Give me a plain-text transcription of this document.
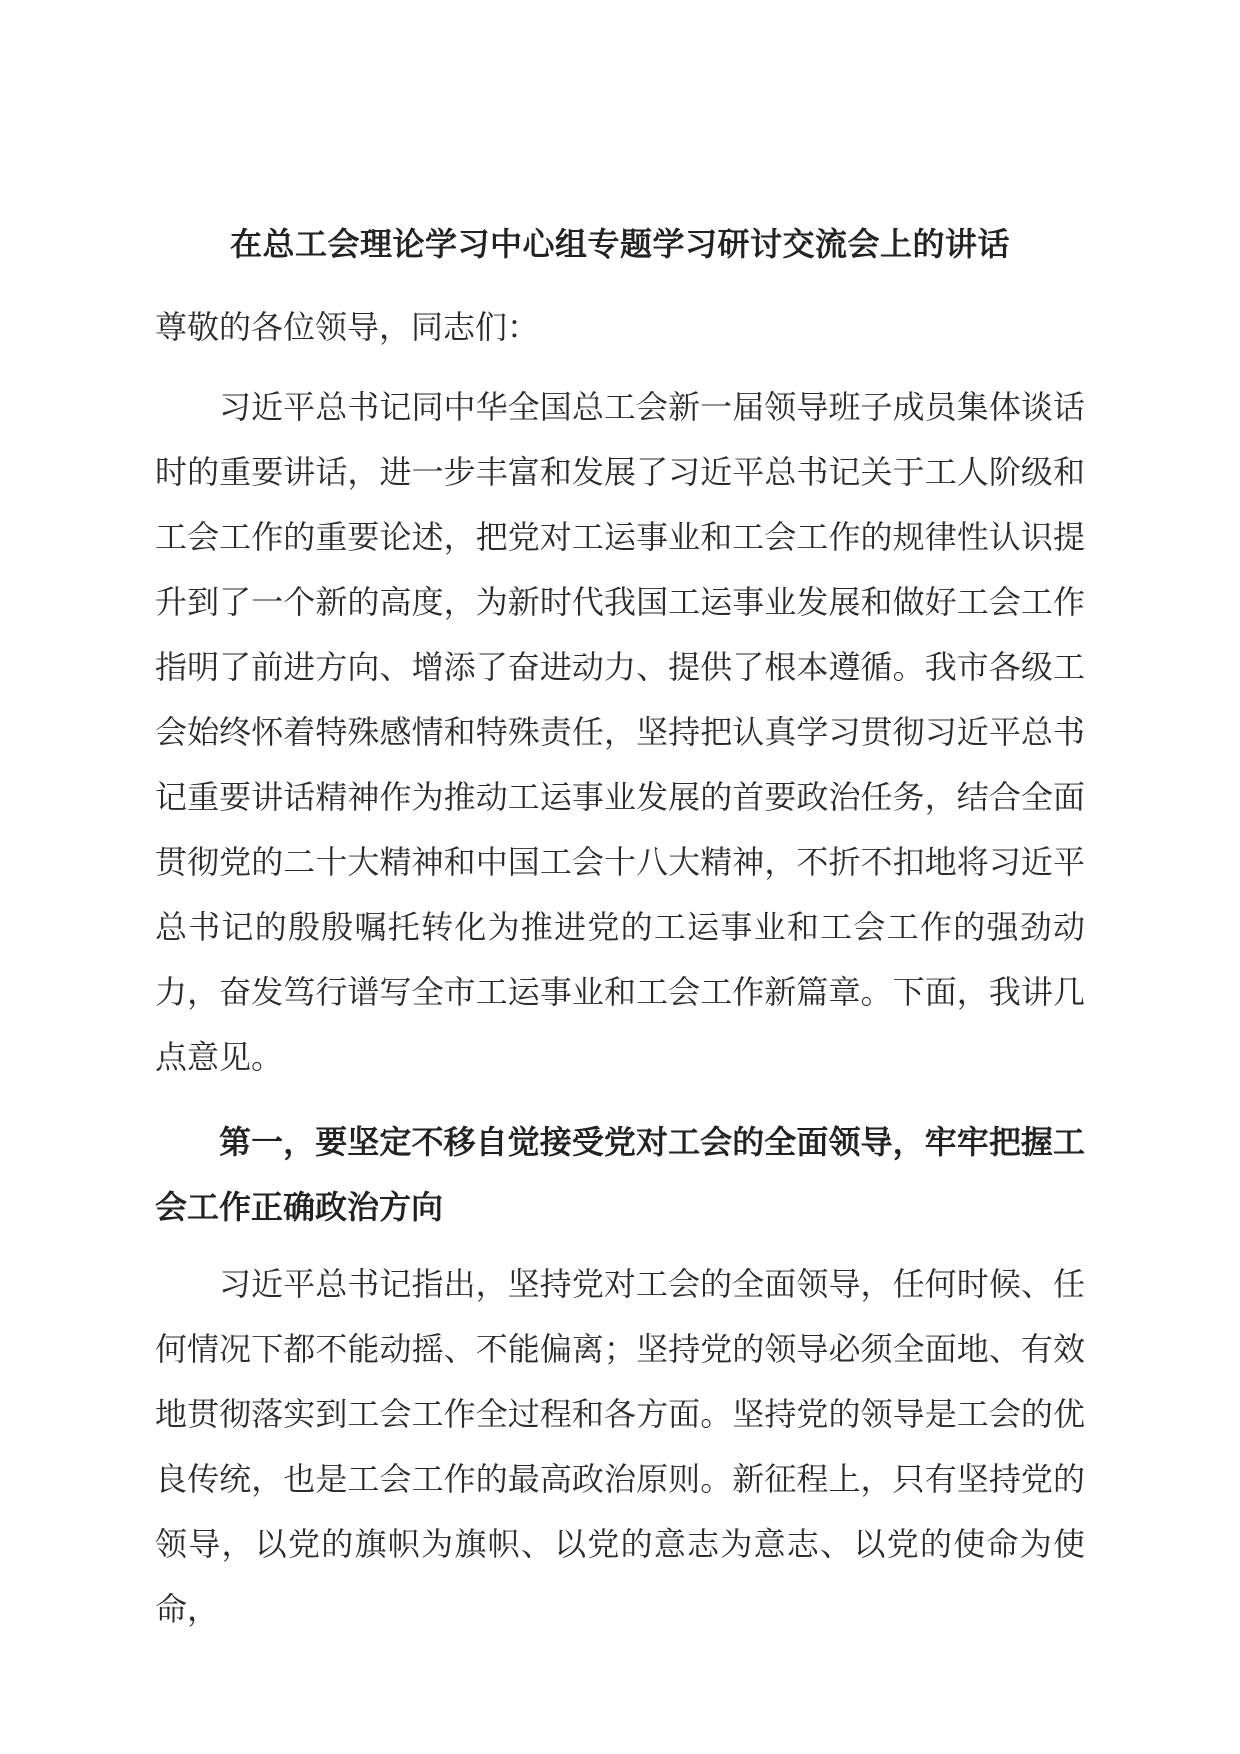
在总工会理论学习中心组专题学习研讨交流会上的讲话

尊敬的各位领导，同志们：

习近平总书记同中华全国总工会新一届领导班子成员集体谈话时的重要讲话，进一步丰富和发展了习近平总书记关于工人阶级和工会工作的重要论述，把党对工运事业和工会工作的规律性认识提升到了一个新的高度，为新时代我国工运事业发展和做好工会工作指明了前进方向、增添了奋进动力、提供了根本遵循。我市各级工会始终怀着特殊感情和特殊责任，坚持把认真学习贯彻习近平总书记重要讲话精神作为推动工运事业发展的首要政治任务，结合全面贯彻党的二十大精神和中国工会十八大精神，不折不扣地将习近平总书记的殷殷嘱托转化为推进党的工运事业和工会工作的强劲动力，奋发笃行谱写全市工运事业和工会工作新篇章。下面，我讲几点意见。

第一，要坚定不移自觉接受党对工会的全面领导，牢牢把握工会工作正确政治方向

习近平总书记指出，坚持党对工会的全面领导，任何时候、任何情况下都不能动摇、不能偏离；坚持党的领导必须全面地、有效地贯彻落实到工会工作全过程和各方面。坚持党的领导是工会的优良传统，也是工会工作的最高政治原则。新征程上，只有坚持党的领导，以党的旗帜为旗帜、以党的意志为意志、以党的使命为使命，
